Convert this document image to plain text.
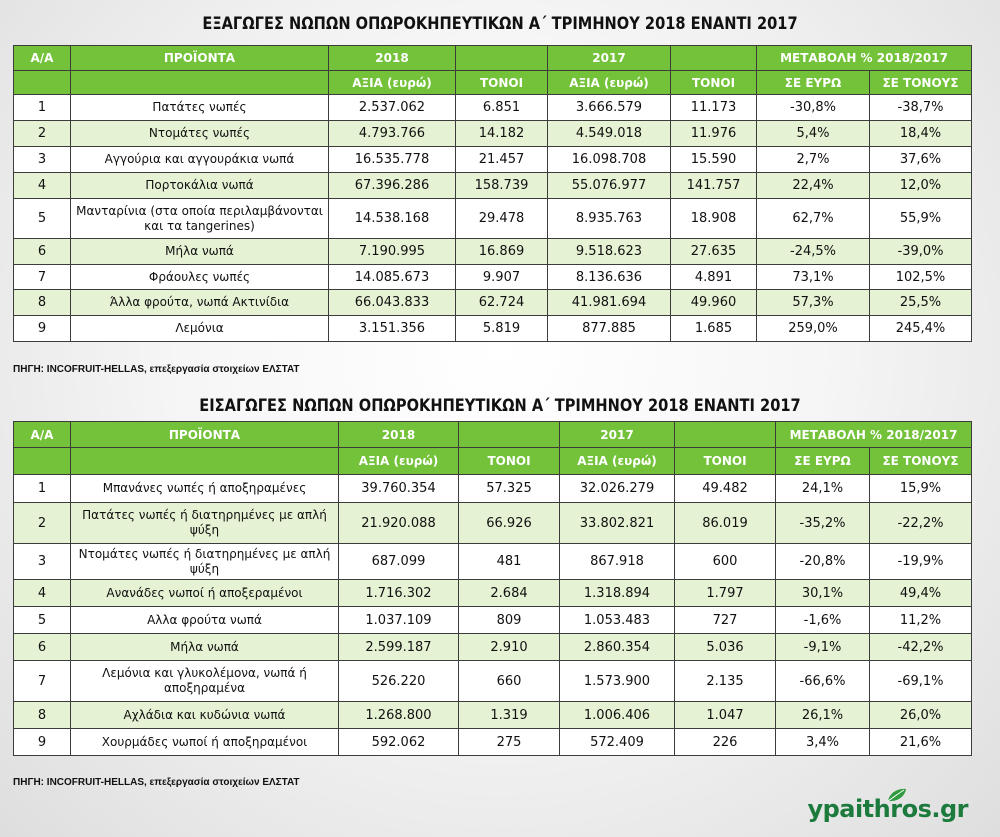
ΕΞΑΓΩΓΕΣ ΝΩΠΩΝ ΟΠΩΡΟΚΗΠΕΥΤΙΚΩΝ Α΄ ΤΡΙΜΗΝΟΥ 2018 ΕΝΑΝΤΙ 2017
Α/Α	ΠΡΟΪΟΝΤΑ	2018		2017		ΜΕΤΑΒΟΛΗ % 2018/2017	
		ΑΞΙΑ (ευρώ)	ΤΟΝΟΙ	ΑΞΙΑ (ευρώ)	ΤΟΝΟΙ	ΣΕ ΕΥΡΩ	ΣΕ ΤΟΝΟΥΣ
1	Πατάτες νωπές	2.537.062	6.851	3.666.579	11.173	-30,8%	-38,7%
2	Ντομάτες νωπές	4.793.766	14.182	4.549.018	11.976	5,4%	18,4%
3	Αγγούρια και αγγουράκια νωπά	16.535.778	21.457	16.098.708	15.590	2,7%	37,6%
4	Πορτοκάλια νωπά	67.396.286	158.739	55.076.977	141.757	22,4%	12,0%
5	Μανταρίνια (στα οποία περιλαμβάνονται και τα tangerines)	14.538.168	29.478	8.935.763	18.908	62,7%	55,9%
6	Μήλα νωπά	7.190.995	16.869	9.518.623	27.635	-24,5%	-39,0%
7	Φράουλες νωπές	14.085.673	9.907	8.136.636	4.891	73,1%	102,5%
8	Άλλα φρούτα, νωπά Ακτινίδια	66.043.833	62.724	41.981.694	49.960	57,3%	25,5%
9	Λεμόνια	3.151.356	5.819	877.885	1.685	259,0%	245,4%
ΠΗΓΗ: INCOFRUIT-HELLAS, επεξεργασία στοιχείων ΕΛΣΤΑΤ
ΕΙΣΑΓΩΓΕΣ ΝΩΠΩΝ ΟΠΩΡΟΚΗΠΕΥΤΙΚΩΝ Α΄ ΤΡΙΜΗΝΟΥ 2018 ΕΝΑΝΤΙ 2017
Α/Α	ΠΡΟΪΟΝΤΑ	2018		2017		ΜΕΤΑΒΟΛΗ % 2018/2017	
		ΑΞΙΑ (ευρώ)	ΤΟΝΟΙ	ΑΞΙΑ (ευρώ)	ΤΟΝΟΙ	ΣΕ ΕΥΡΩ	ΣΕ ΤΟΝΟΥΣ
1	Μπανάνες νωπές ή αποξηραμένες	39.760.354	57.325	32.026.279	49.482	24,1%	15,9%
2	Πατάτες νωπές ή διατηρημένες με απλή ψύξη	21.920.088	66.926	33.802.821	86.019	-35,2%	-22,2%
3	Ντομάτες νωπές ή διατηρημένες με απλή ψύξη	687.099	481	867.918	600	-20,8%	-19,9%
4	Ανανάδες νωποί ή αποξεραμένοι	1.716.302	2.684	1.318.894	1.797	30,1%	49,4%
5	Αλλα φρούτα νωπά	1.037.109	809	1.053.483	727	-1,6%	11,2%
6	Μήλα νωπά	2.599.187	2.910	2.860.354	5.036	-9,1%	-42,2%
7	Λεμόνια και γλυκολέμονα, νωπά ή αποξηραμένα	526.220	660	1.573.900	2.135	-66,6%	-69,1%
8	Αχλάδια και κυδώνια νωπά	1.268.800	1.319	1.006.406	1.047	26,1%	26,0%
9	Χουρμάδες νωποί ή αποξηραμένοι	592.062	275	572.409	226	3,4%	21,6%
ΠΗΓΗ: INCOFRUIT-HELLAS, επεξεργασία στοιχείων ΕΛΣΤΑΤ
ypaithros.gr
